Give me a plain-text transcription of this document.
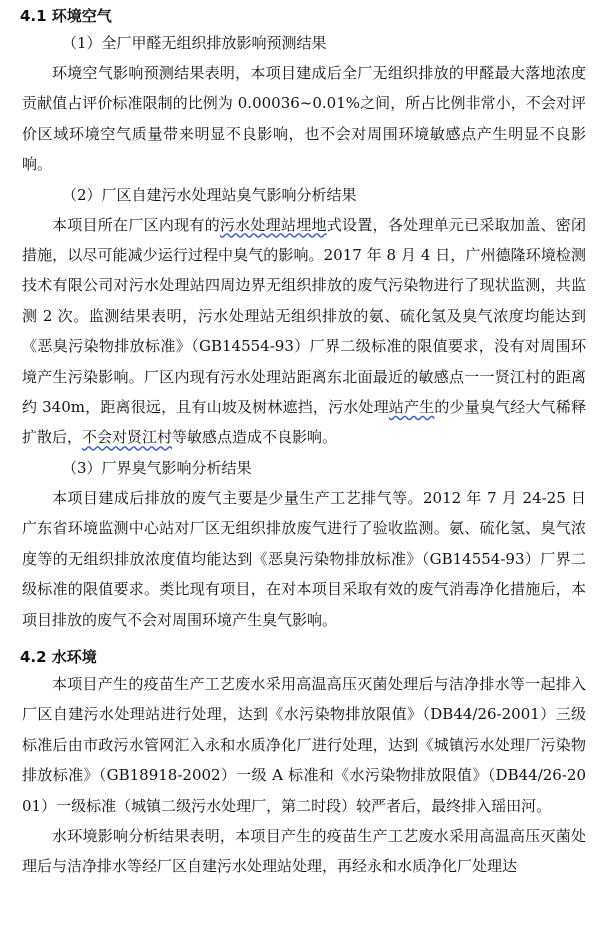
4.1 环境空气
（1）全厂甲醛无组织排放影响预测结果

环境空气影响预测结果表明，本项目建成后全厂无组织排放的甲醛最大落地浓度贡献值占评价标准限制的比例为 0.00036~0.01%之间，所占比例非常小，不会对评价区域环境空气质量带来明显不良影响，也不会对周围环境敏感点产生明显不良影响。

（2）厂区自建污水处理站臭气影响分析结果

本项目所在厂区内现有的污水处理站埋地式设置，各处理单元已采取加盖、密闭措施，以尽可能减少运行过程中臭气的影响。2017 年 8 月 4 日，广州德隆环境检测技术有限公司对污水处理站四周边界无组织排放的废气污染物进行了现状监测，共监测 2 次。监测结果表明，污水处理站无组织排放的氨、硫化氢及臭气浓度均能达到《恶臭污染物排放标准》（GB14554-93）厂界二级标准的限值要求，没有对周围环境产生污染影响。厂区内现有污水处理站距离东北面最近的敏感点一一贤江村的距离约 340m，距离很远，且有山坡及树林遮挡，污水处理站产生的少量臭气经大气稀释扩散后，不会对贤江村等敏感点造成不良影响。

（3）厂界臭气影响分析结果

本项目建成后排放的废气主要是少量生产工艺排气等。2012 年 7 月 24-25 日广东省环境监测中心站对厂区无组织排放废气进行了验收监测。氨、硫化氢、臭气浓度等的无组织排放浓度值均能达到《恶臭污染物排放标准》（GB14554-93）厂界二级标准的限值要求。类比现有项目，在对本项目采取有效的废气消毒净化措施后，本项目排放的废气不会对周围环境产生臭气影响。

4.2 水环境

本项目产生的疫苗生产工艺废水采用高温高压灭菌处理后与洁净排水等一起排入厂区自建污水处理站进行处理，达到《水污染物排放限值》（DB44/26-2001）三级标准后由市政污水管网汇入永和水质净化厂进行处理，达到《城镇污水处理厂污染物排放标准》（GB18918-2002）一级 A 标准和《水污染物排放限值》（DB44/26-2001）一级标准（城镇二级污水处理厂，第二时段）较严者后，最终排入瑶田河。

水环境影响分析结果表明，本项目产生的疫苗生产工艺废水采用高温高压灭菌处理后与洁净排水等经厂区自建污水处理站处理，再经永和水质净化厂处理达
